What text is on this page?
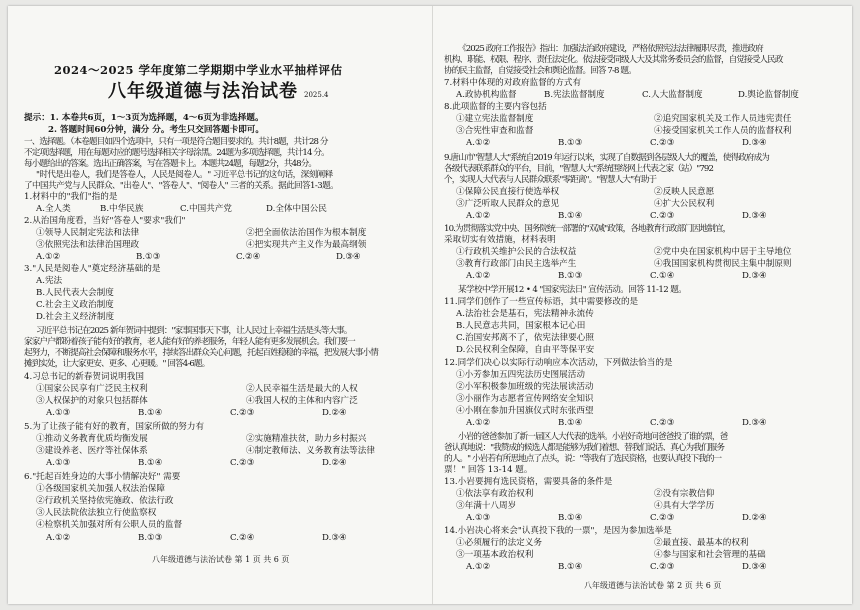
2024～2025 学年度第二学期期中学业水平抽样评估
八年级道德与法治试卷 2025.4
提示：1. 本卷共6页，1～3页为选择题，4～6页为非选择题。
2. 答题时间60分钟，满分 分。考生只交回答题卡即可。
一、选择题。（本卷题目如四个选项中，只有一项是符合题目要求的。共计8题，共计28 分
不定项选择题，用在每题对应的题号选择相关字母涂黑。24题为多项选择题，共计14 分。
每小题给出的答案。选出正确答案，写在答题卡上。本题共24题，每题2分，共48分。
"时代是出卷人，我们是答卷人，人民是阅卷人。" 习近平总书记的这句话，深刻阐释
了中国共产党与人民群众、"出卷人"、"答卷人"、"阅卷人" 三者的关系。据此回答1-3题。
1.材料中的"我们"指的是
A.全人类	B.中华民族	C.中国共产党	D.全体中国公民
2.从治国角度看，当好"答卷人"要求"我们"
①领导人民制定宪法和法律	②把全面依法治国作为根本制度
③依照宪法和法律治国理政	④把实现共产主义作为最高纲领
A.①②	B.①③	C.②④	D.③④
3."人民是阅卷人"奠定经济基础的是
A.宪法
B.人民代表大会制度
C.社会主义政治制度
D.社会主义经济制度
习近平总书记在2025 新年贺词中提到："家事国事天下事，让人民过上幸福生活是头等大事。
家家户户都盼着孩子能有好的教育，老人能有好的养老服务，年轻人能有更多发展机会。我们要一
起努力，不断提高社会保障和服务水平，持续答出群众关心问题，托起百姓稳稳的幸福，把发展大事小情
摊到实处，让大家更安、更多、心更暖。" 回答4-6题。
4.习总书记的新春贺词说明我国
①国家公民享有广泛民主权利	②人民幸福生活是最大的人权
③人权保护的对象只包括群体	④我国人权的主体和内容广泛
A.①③	B.①④	C.②③	D.②④
5.为了让孩子能有好的教育，国家所做的努力有
①推动义务教育优质均衡发展	②实施精准扶贫，助力乡村振兴
③建设养老、医疗等社保体系	④制定教师法、义务教育法等法律
A.①③	B.①④	C.②③	D.②④
6."托起百姓身边的大事小情解决好" 需要
①各级国家机关加强人权法治保障
②行政机关坚持依宪施政、依法行政
③人民法院依法独立行使监察权
④检察机关加强对所有公职人员的监督
A.①②	B.①③	C.②④	D.③④
八年级道德与法治试卷 第 1 页 共 6 页
《2025 政府工作报告》指出：加强法治政府建设，严格依照宪法法律履职尽责，推进政府
机构、职能、权限、程序、责任法定化。依法接受同级人大及其常务委员会的监督，自觉接受人民政
协的民主监督，自觉接受社会和舆论监督。回答 7-8 题。
7.材料中体现的对政府监督的方式有
A.政协机构监督	B.宪法监督制度	C.人大监督制度	D.舆论监督制度
8.此项监督的主要内容包括
①建立宪法监督制度	②追究国家机关及工作人员违宪责任
③合宪性审查和监督	④接受国家机关工作人员的监督权利
A.①②	B.①③	C.②③	D.③④
9.唐山市"智慧人大"系统自2019 年运行以来，实现了自数据到各层级人大的覆盖，使得政府成为
各级代表联系群众的平台，目前，"智慧人大"系统围绕网上代表之家（站）"792
个，实现人大代表与人民群众联系"零距离"。"智慧人大"有助于
①保障公民直接行使选举权	②反映人民意愿
③广泛听取人民群众的意见	④扩大公民权利
A.①②	B.①④	C.②③	D.③④
10.为贯彻落实党中央、国务院统一部署的"双减"政策，各地教育行政部门因地制宜，
采取切实有效措施，材料表明
①行政机关维护公民的合法权益	②党中央在国家机构中居于主导地位
③教育行政部门由民主选举产生	④我国国家机构贯彻民主集中制原则
A.①②	B.①③	C.①④	D.③④
某学校中学开展12 • 4 "国家宪法日" 宣传活动。回答 11-12 题。
11.同学们创作了一些宣传标语，其中需要修改的是
A.法治社会是基石，宪法精神永流传
B.人民意志共同，国家根本记心田
C.治国安邦离不了，依宪法律要心照
D.公民权利全保障，自由平等保平安
12.同学们决心以实际行动响应本次活动，下列做法恰当的是
①小芳参加五四宪法历史图展活动
②小军积极参加班级的宪法展读活动
③小丽作为志愿者宣传网络安全知识
④小刚在参加升国旗仪式时东张西望
A.①②	B.①④	C.②③	D.③④
小岩的爸爸参加了新一届区人大代表的选举。小岩好奇地问爸爸投了谁的票，爸
爸认真地说："我赞成的候选人都是能够为我们着想、替我们说话、真心为我们服务
的人。" 小岩若有所思地点了点头，说："等我有了选民资格，也要认真投下我的一
票！" 回答 13-14 题。
13.小岩要拥有选民资格，需要具备的条件是
①依法享有政治权利	②没有宗教信仰
③年满十八周岁	④具有大学学历
A.①③	B.①④	C.②③	D.②④
14.小岩决心将来会"认真投下我的一票"，是因为参加选举是
①必须履行的法定义务	②最直接、最基本的权利
③一项基本政治权利	④参与国家和社会管理的基础
A.①②	B.①④	C.②③	D.③④
八年级道德与法治试卷 第 2 页 共 6 页
